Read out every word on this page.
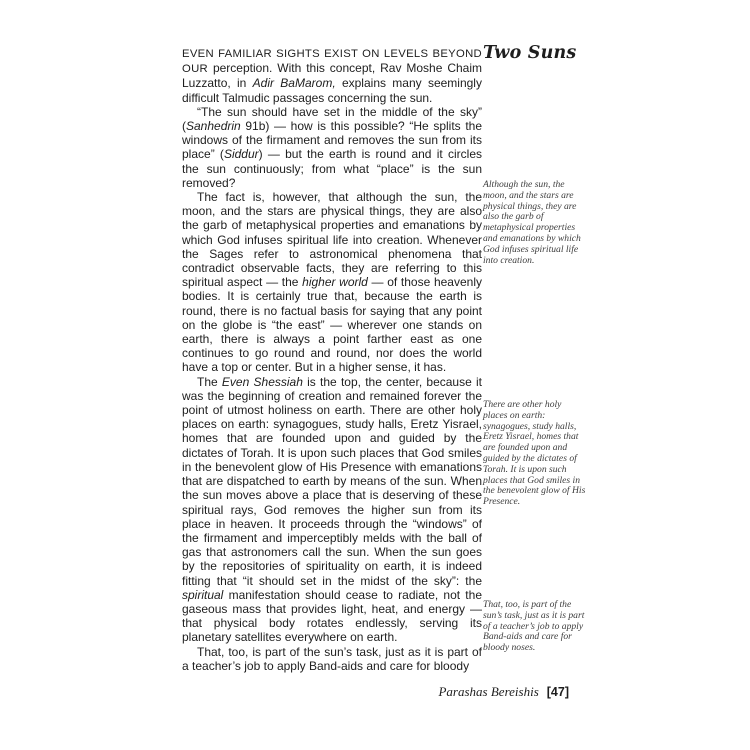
Two Suns

EVEN FAMILIAR SIGHTS EXIST ON LEVELS BEYOND OUR perception. With this concept, Rav Moshe Chaim Luzzatto, in Adir BaMarom, explains many seemingly difficult Talmudic passages concerning the sun.

“The sun should have set in the middle of the sky” (Sanhedrin 91b) — how is this possible? “He splits the windows of the firmament and removes the sun from its place” (Siddur) — but the earth is round and it circles the sun continuously; from what “place” is the sun removed?

The fact is, however, that although the sun, the moon, and the stars are physical things, they are also the garb of metaphysical properties and emanations by which God infuses spiritual life into creation. Whenever the Sages refer to astronomical phenomena that contradict observable facts, they are referring to this spiritual aspect — the higher world — of those heavenly bodies. It is certainly true that, because the earth is round, there is no factual basis for saying that any point on the globe is “the east” — wherever one stands on earth, there is always a point farther east as one continues to go round and round, nor does the world have a top or center. But in a higher sense, it has.

The Even Shessiah is the top, the center, because it was the beginning of creation and remained forever the point of utmost holiness on earth. There are other holy places on earth: synagogues, study halls, Eretz Yisrael, homes that are founded upon and guided by the dictates of Torah. It is upon such places that God smiles in the benevolent glow of His Presence with emanations that are dispatched to earth by means of the sun. When the sun moves above a place that is deserving of these spiritual rays, God removes the higher sun from its place in heaven. It proceeds through the “windows” of the firmament and imperceptibly melds with the ball of gas that astronomers call the sun. When the sun goes by the repositories of spirituality on earth, it is indeed fitting that “it should set in the midst of the sky”: the spiritual manifestation should cease to radiate, not the gaseous mass that provides light, heat, and energy — that physical body rotates endlessly, serving its planetary satellites everywhere on earth.

That, too, is part of the sun’s task, just as it is part of a teacher’s job to apply Band-aids and care for bloody

Although the sun, the moon, and the stars are physical things, they are also the garb of metaphysical properties and emanations by which God infuses spiritual life into creation.
There are other holy places on earth: synagogues, study halls, Eretz Yisrael, homes that are founded upon and guided by the dictates of Torah. It is upon such places that God smiles in the benevolent glow of His Presence.
That, too, is part of the sun’s task, just as it is part of a teacher’s job to apply Band-aids and care for bloody noses.
Parashas Bereishis [47]
